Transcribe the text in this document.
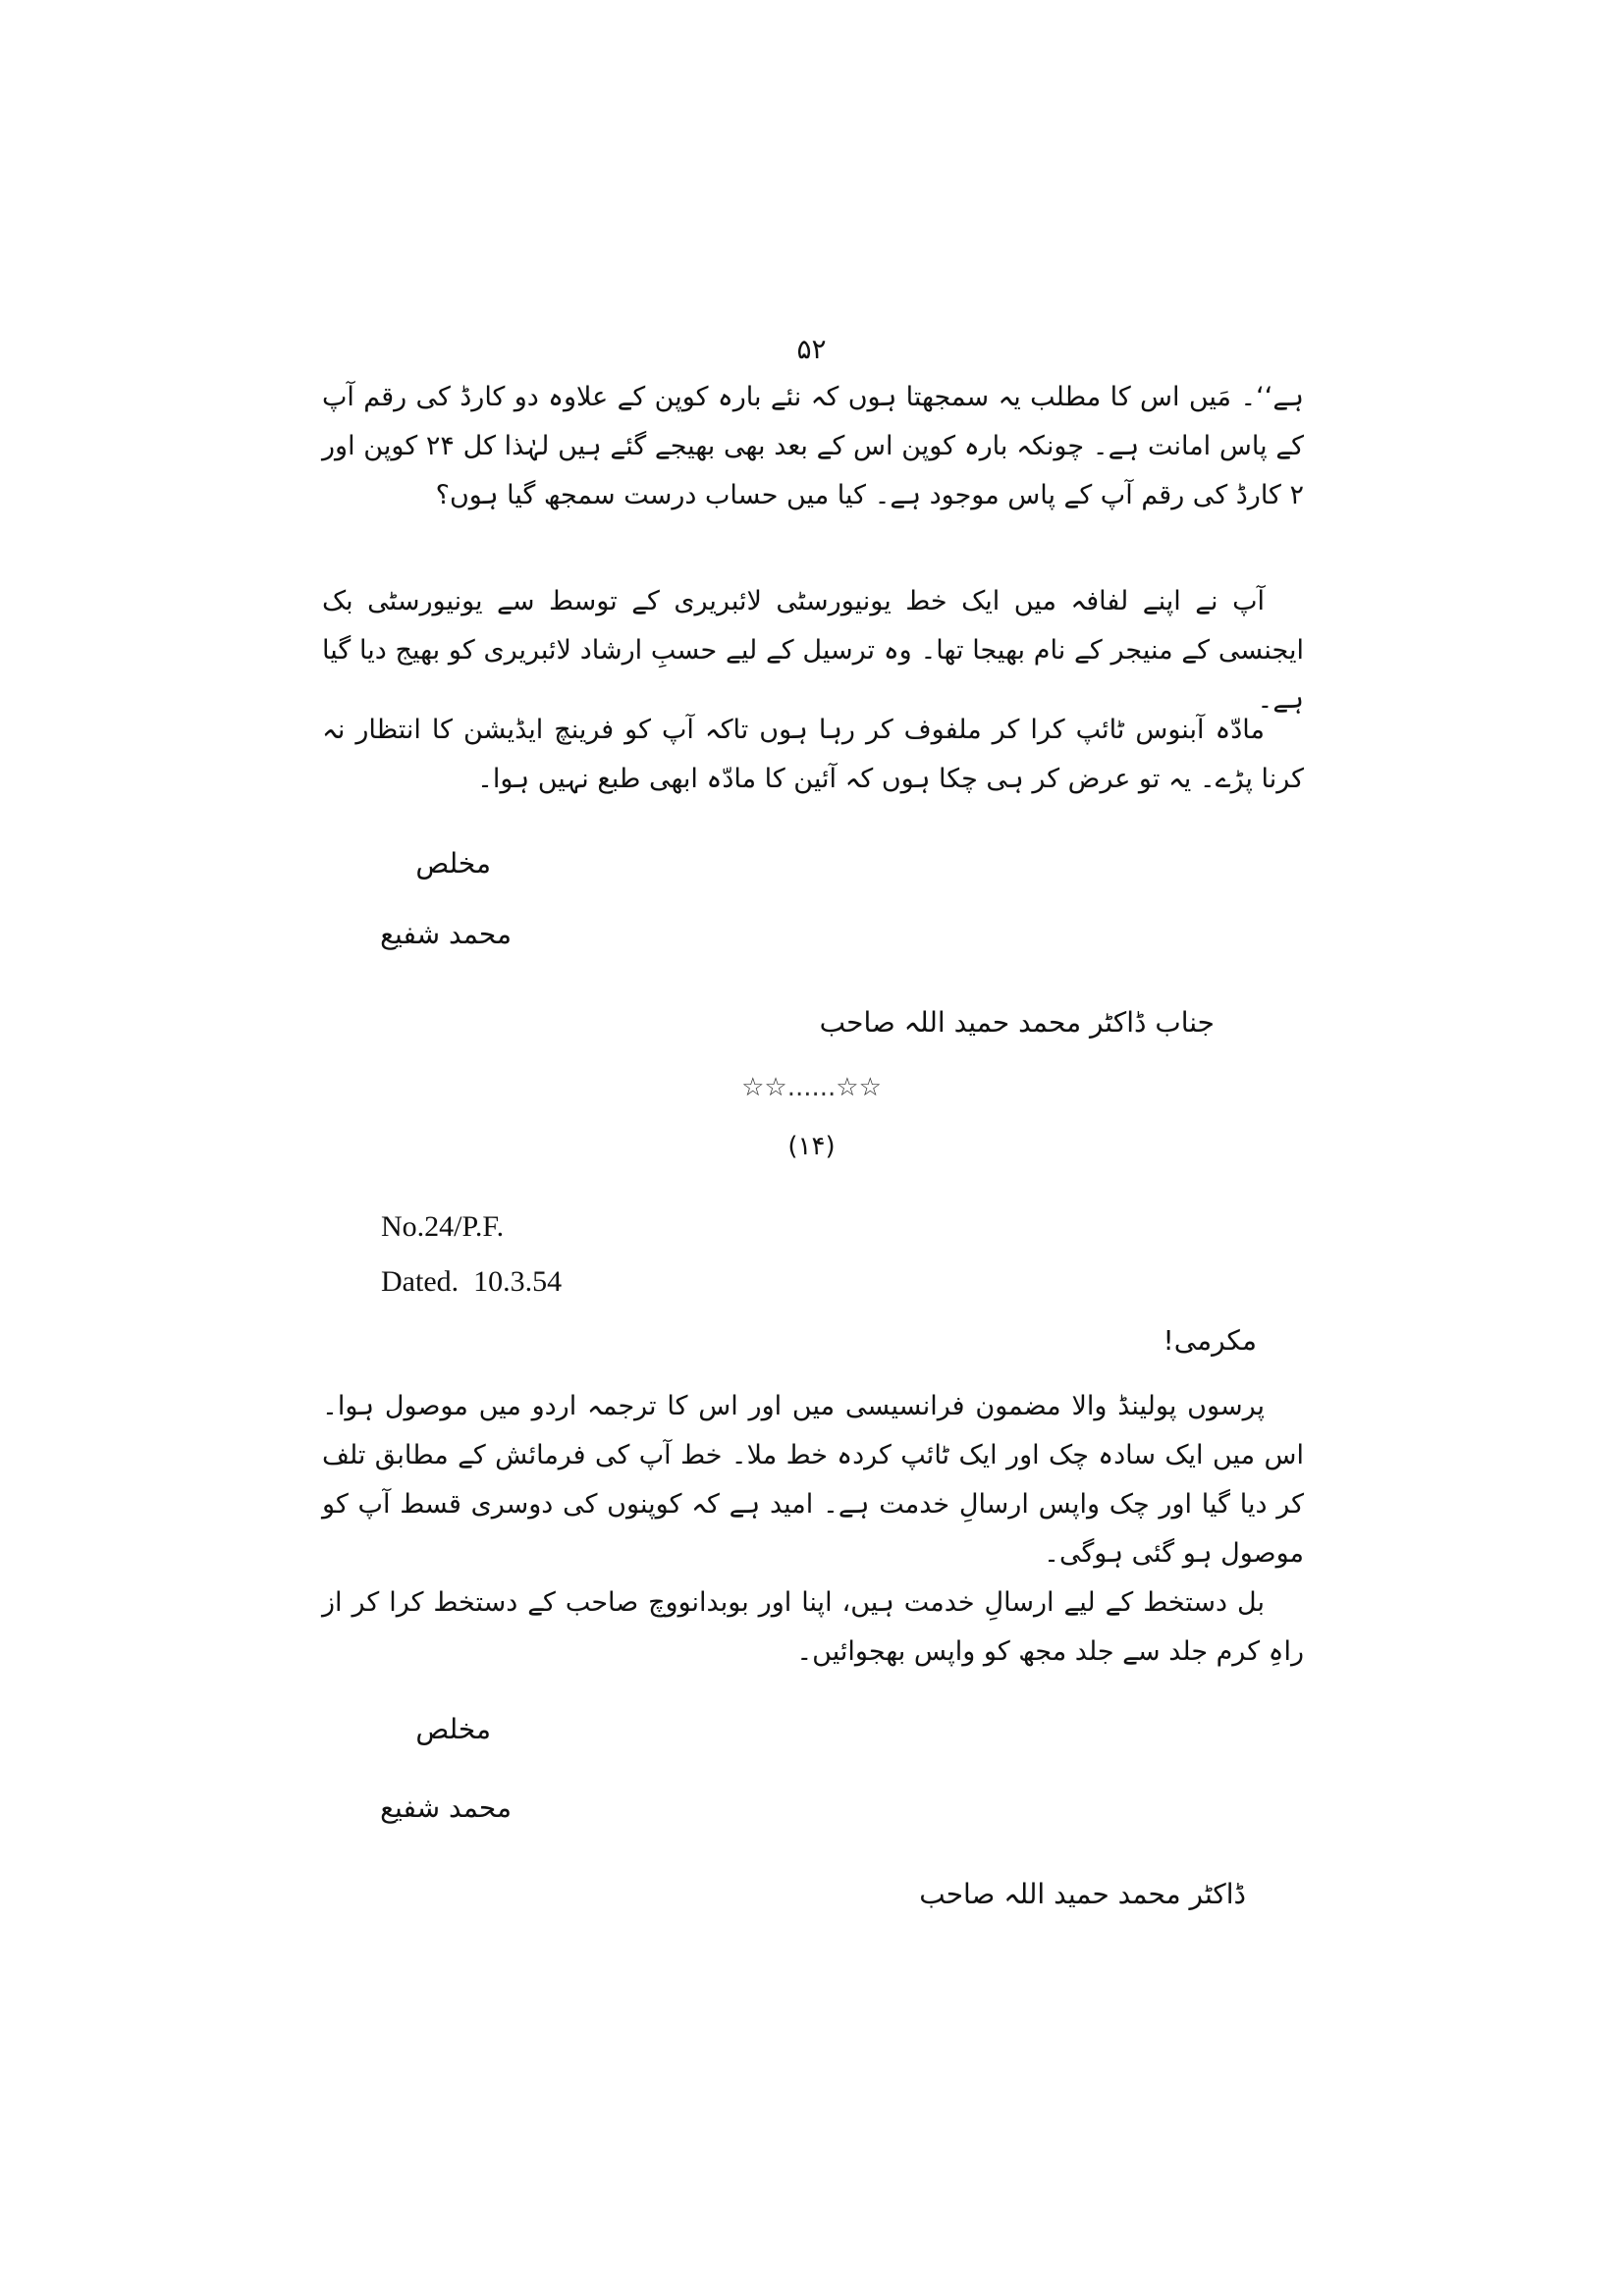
۵۲
ہے‘‘۔ مَیں اس کا مطلب یہ سمجھتا ہوں کہ نئے بارہ کوپن کے علاوہ دو کارڈ کی رقم آپ کے پاس امانت ہے۔ چونکہ بارہ کوپن اس کے بعد بھی بھیجے گئے ہیں لہٰذا کل ۲۴ کوپن اور ۲ کارڈ کی رقم آپ کے پاس موجود ہے۔ کیا میں حساب درست سمجھ گیا ہوں؟
آپ نے اپنے لفافہ میں ایک خط یونیورسٹی لائبریری کے توسط سے یونیورسٹی بک ایجنسی کے منیجر کے نام بھیجا تھا۔ وہ ترسیل کے لیے حسبِ ارشاد لائبریری کو بھیج دیا گیا ہے۔
مادّہ آبنوس ٹائپ کرا کر ملفوف کر رہا ہوں تاکہ آپ کو فرینچ ایڈیشن کا انتظار نہ کرنا پڑے۔ یہ تو عرض کر ہی چکا ہوں کہ آئین کا مادّہ ابھی طبع نہیں ہوا۔
مخلص
محمد شفیع
جناب ڈاکٹر محمد حمید اللہ صاحب
☆☆......☆☆
(۱۴)
No.24/P.F.
Dated.  10.3.54
مکرمی!
پرسوں پولینڈ والا مضمون فرانسیسی میں اور اس کا ترجمہ اردو میں موصول ہوا۔ اس میں ایک سادہ چک اور ایک ٹائپ کردہ خط ملا۔ خط آپ کی فرمائش کے مطابق تلف کر دیا گیا اور چک واپس ارسالِ خدمت ہے۔ امید ہے کہ کوپنوں کی دوسری قسط آپ کو موصول ہو گئی ہوگی۔
بل دستخط کے لیے ارسالِ خدمت ہیں، اپنا اور بوبدانووچ صاحب کے دستخط کرا کر از راہِ کرم جلد سے جلد مجھ کو واپس بھجوائیں۔
مخلص
محمد شفیع
ڈاکٹر محمد حمید اللہ صاحب
